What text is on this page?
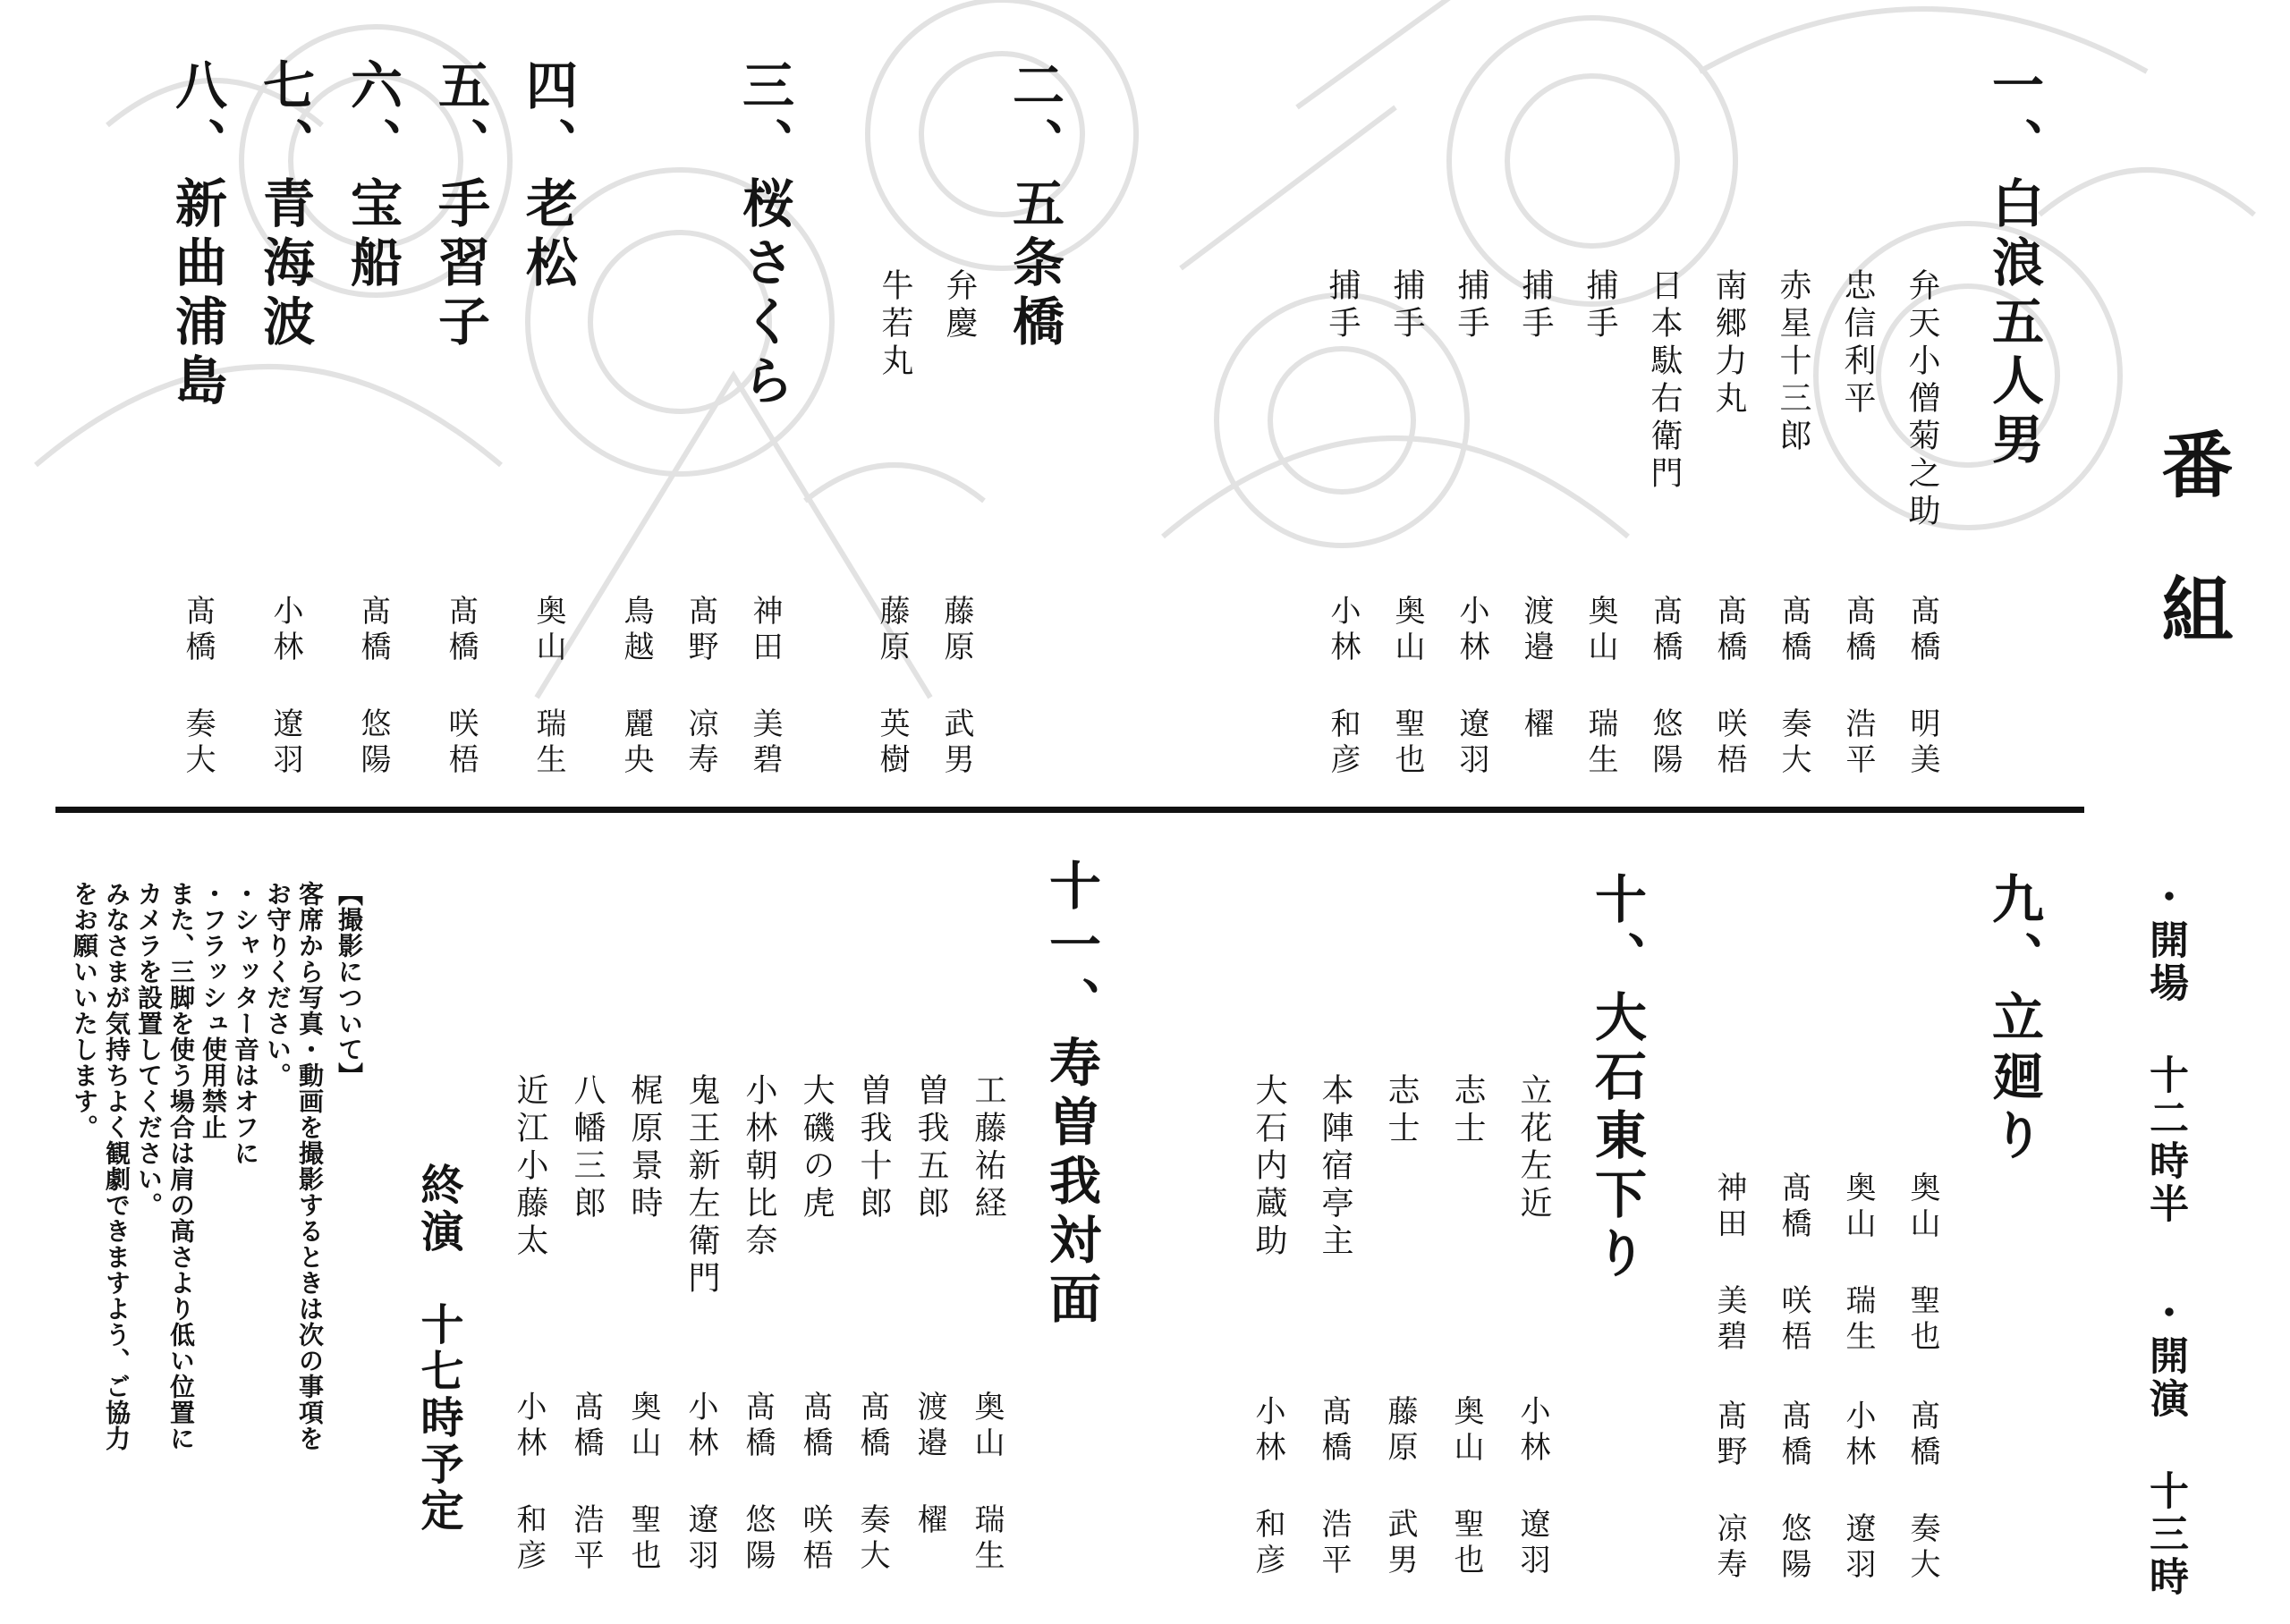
番組
・開場 十二時半
・開演 十三時
一、白浪五人男
弁天小僧菊之助
髙橋 明美
忠信利平
髙橋 浩平
赤星十三郎
髙橋 奏大
南郷力丸
髙橋 咲梧
日本駄右衛門
髙橋 悠陽
捕手
奥山 瑞生
捕手
渡邉 櫂
捕手
小林 遼羽
捕手
奥山 聖也
捕手
小林 和彦
二、五条橋
弁慶
藤原 武男
牛若丸
藤原 英樹
三、桜さくら
神田 美碧
髙野 凉寿
鳥越 麗央
四、老松
奥山 瑞生
五、手習子
髙橋 咲梧
六、宝船
髙橋 悠陽
七、青海波
小林 遼羽
八、新曲浦島
髙橋 奏大
九、立廻り
奥山 聖也
髙橋 奏大
奥山 瑞生
小林 遼羽
髙橋 咲梧
髙橋 悠陽
神田 美碧
髙野 凉寿
十、大石東下り
立花左近
小林 遼羽
志士
奥山 聖也
志士
藤原 武男
本陣宿亭主
髙橋 浩平
大石内蔵助
小林 和彦
十一、寿曽我対面
工藤祐経
奥山 瑞生
曽我五郎
渡邉 櫂
曽我十郎
髙橋 奏大
大磯の虎
髙橋 咲梧
小林朝比奈
髙橋 悠陽
鬼王新左衛門
小林 遼羽
梶原景時
奥山 聖也
八幡三郎
髙橋 浩平
近江小藤太
小林 和彦
終演　十七時予定
【撮影について】
客席から写真・動画を撮影するときは次の事項を
お守りください。
・シャッター音はオフに
・フラッシュ使用禁止
また、三脚を使う場合は肩の高さより低い位置に
カメラを設置してください。
みなさまが気持ちよく観劇できますよう、ご協力
をお願いいたします。
